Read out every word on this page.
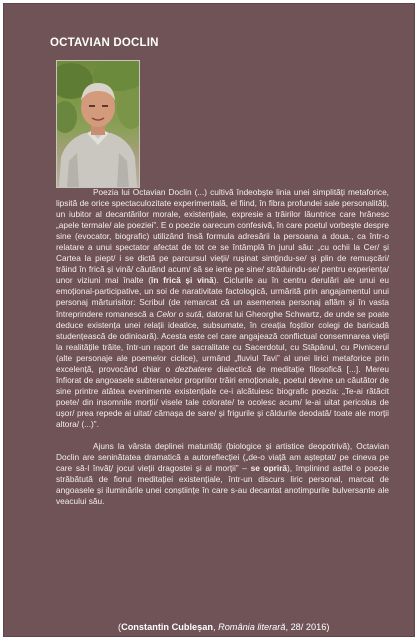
OCTAVIAN DOCLIN

Poezia lui Octavian Doclin (...) cultivă îndeobște linia unei simplități metaforice, lipsită de orice spectaculozitate experimentală, el fiind, în fibra profundei sale personalități, un iubitor al decantărilor morale, existențiale, expresie a trăirilor lăuntrice care hrănesc „apele termale/ ale poeziei”. E o poezie oarecum confesivă, în care poetul vorbește despre sine (evocator, biografic) utilizând însă formula adresării la persoana a doua., ca într-o relatare a unui spectator afectat de tot ce se întâmplă în jurul său: „cu ochii la Cer/ și Cartea la piept/ i se dictă pe parcursul vieții/ rușinat simțindu-se/ și plin de remușcări/ trăind în frică și vină/ căutând acum/ să se ierte pe sine/ străduindu-se/ pentru experiența/ unor viziuni mai înalte (în frică și vină). Ciclurile au în centru derulări ale unui eu emoțional-participative, un soi de narativitate factologică, urmărită prin angajamentul unui personaj mărturisitor: Scribul (de remarcat că un asemenea personaj aflăm și în vasta întreprindere romanescă a Celor o sută, datorat lui Gheorghe Schwartz, de unde se poate deduce existența unei relații ideatice, subsumate, în creația foștilor colegi de baricadă studențească de odinioară). Acesta este cel care angajează conflictual consemnarea vieții la realitățile trăite, într-un raport de sacralitate cu Sacerdotul, cu Stăpânul, cu Pivnicerul (alte personaje ale poemelor ciclice), urmând „fluviul Tavi” al unei lirici metaforice prin excelență, provocând chiar o dezbatere dialectică de meditație filosofică [...]. Mereu înfiorat de angoasele subteranelor propriilor trăiri emoționale, poetul devine un căutător de sine printre atâtea evenimente existențiale ce-i alcătuiesc biografic poezia: „Te-ai rătăcit poete/ din insomnile morții/ visele tale colorate/ te ocolesc acum/ le-ai uitat pericolus de ușor/ prea repede ai uitat/ cămașa de sare/ și frigurile și căldurile deodată/ toate ale morții altora/ (...)”.

Ajuns la vârsta deplinei maturități (biologice și artistice deopotrivă), Octavian Doclin are seninătatea dramatică a autoreflecției („de-o viață am așteptat/ pe cineva pe care să-l învăț/ jocul vieții dragostei și al morții” – se opriră), împlinind astfel o poezie străbătută de fiorul meditației existențiale, într-un discurs liric personal, marcat de angoasele și iluminările unei conștiințe în care s-au decantat anotimpurile bulversante ale veacului său.

(Constantin Cubleșan, România literară, 28/ 2016)
